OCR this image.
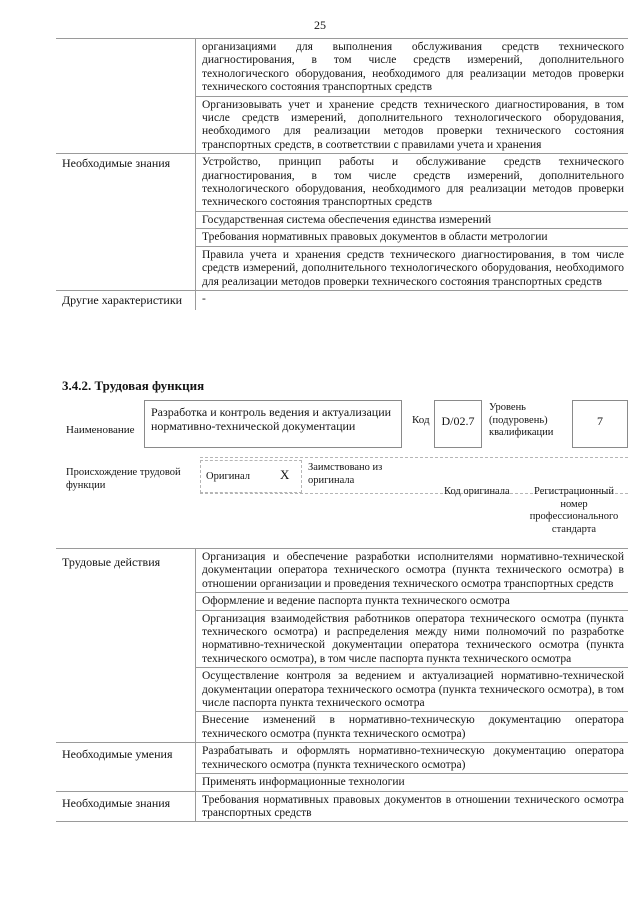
25
организациями для выполнения обслуживания средств технического диагностирования, в том числе средств измерений, дополнительного технологического оборудования, необходимого для реализации методов проверки технического состояния транспортных средств
Организовывать учет и хранение средств технического диагностирования, в том числе средств измерений, дополнительного технологического оборудования, необходимого для реализации методов проверки технического состояния транспортных средств, в соответствии с правилами учета и хранения
Необходимые знания	Устройство, принцип работы и обслуживание средств технического диагностирования, в том числе средств измерений, дополнительного технологического оборудования, необходимого для реализации методов проверки технического состояния транспортных средств
Государственная система обеспечения единства измерений
Требования нормативных правовых документов в области метрологии
Правила учета и хранения средств технического диагностирования, в том числе средств измерений, дополнительного технологического оборудования, необходимого для реализации методов проверки технического состояния транспортных средств
Другие характеристики	-
3.4.2. Трудовая функция
Наименование
Разработка и контроль ведения и актуализации нормативно-технической документации	Код D/02.7
Уровень (подуровень) квалификации
7
Происхождение трудовой функции
Оригинал X Заимствовано из оригинала
Код оригинала	Регистрационный номер профессионального стандарта
Трудовые действия	Организация и обеспечение разработки исполнителями нормативно-технической документации оператора технического осмотра (пункта технического осмотра) в отношении организации и проведения технического осмотра транспортных средств
Оформление и ведение паспорта пункта технического осмотра
Организация взаимодействия работников оператора технического осмотра (пункта технического осмотра) и распределения между ними полномочий по разработке нормативно-технической документации оператора технического осмотра (пункта технического осмотра), в том числе паспорта пункта технического осмотра
Осуществление контроля за ведением и актуализацией нормативно-технической документации оператора технического осмотра (пункта технического осмотра), в том числе паспорта пункта технического осмотра
Внесение изменений в нормативно-техническую документацию оператора технического осмотра (пункта технического осмотра)
Необходимые умения	Разрабатывать и оформлять нормативно-техническую документацию оператора технического осмотра (пункта технического осмотра)
Применять информационные технологии
Необходимые знания	Требования нормативных правовых документов в отношении технического осмотра транспортных средств
